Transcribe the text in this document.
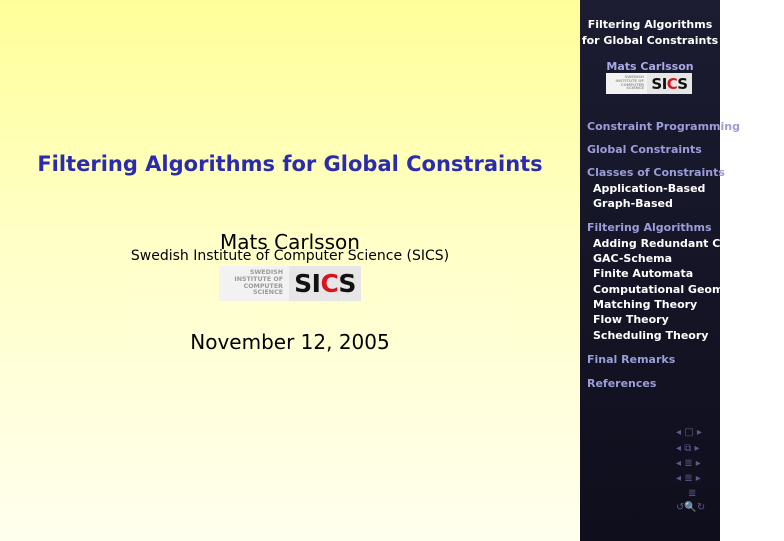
Filtering Algorithms for Global Constraints
Mats Carlsson
Swedish Institute of Computer Science (SICS)
November 12, 2005
SWEDISH
INSTITUTE OF
COMPUTER
SCIENCE SI C S
Filtering Algorithms
for Global Constraints
Mats Carlsson
SWEDISH
INSTITUTE OF
COMPUTER
SCIENCE SI C S
Constraint Programming
Global Constraints
Classes of Constraints
Application-Based
Graph-Based
Filtering Algorithms
Adding Redundant Constraints
GAC-Schema
Finite Automata
Computational Geometry
Matching Theory
Flow Theory
Scheduling Theory
Final Remarks
References
◂ □ ▸
◂ ⧉ ▸
◂ ≣ ▸
◂ ≣ ▸
≣
↺🔍↻
